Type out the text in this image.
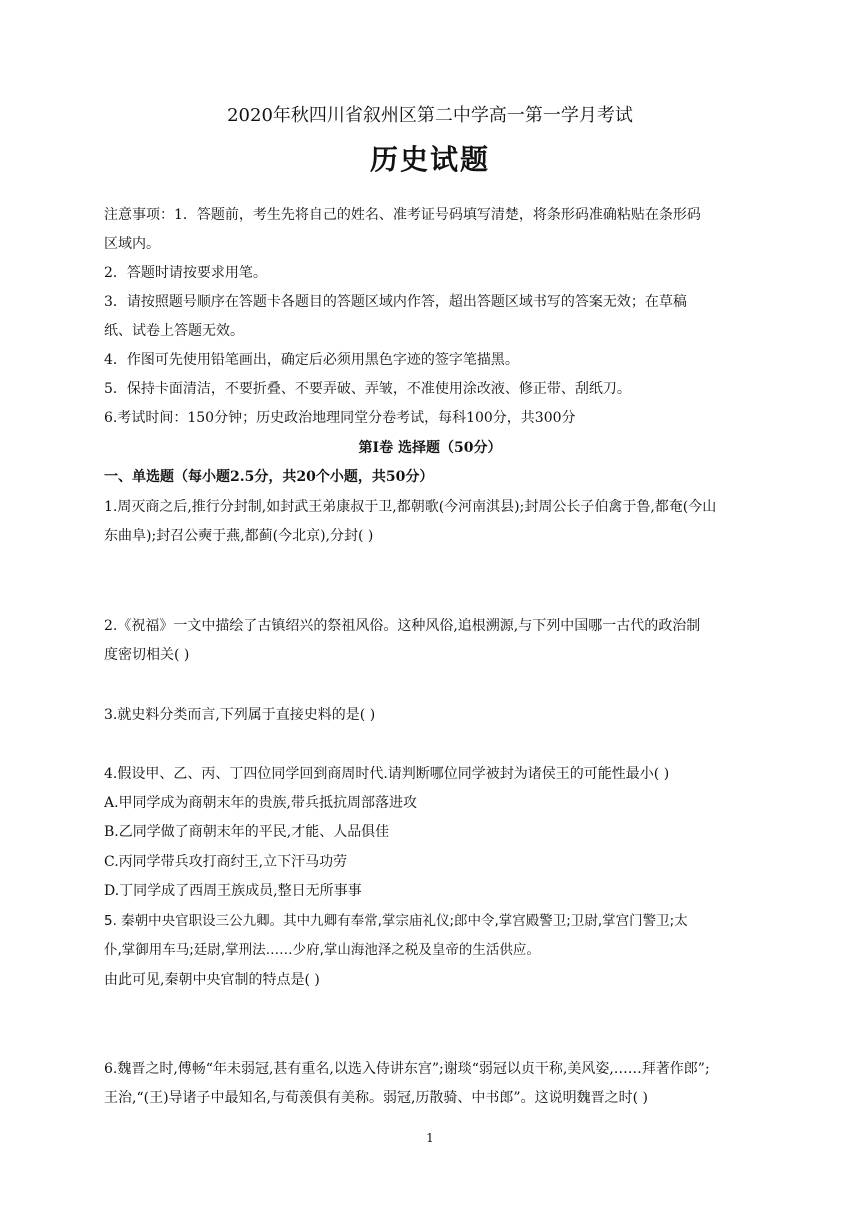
2020年秋四川省叙州区第二中学高一第一学月考试
历史试题
注意事项：1．答题前，考生先将自己的姓名、准考证号码填写清楚，将条形码准确粘贴在条形码
区域内。
2．答题时请按要求用笔。
3．请按照题号顺序在答题卡各题目的答题区域内作答，超出答题区域书写的答案无效；在草稿
纸、试卷上答题无效。
4．作图可先使用铅笔画出，确定后必须用黑色字迹的签字笔描黑。
5．保持卡面清洁，不要折叠、不要弄破、弄皱，不准使用涂改液、修正带、刮纸刀。
6.考试时间：150分钟；历史政治地理同堂分卷考试，每科100分，共300分
第Ⅰ卷 选择题（50分）
一、单选题（每小题2.5分，共20个小题，共50分）
1.周灭商之后,推行分封制,如封武王弟康叔于卫,都朝歌(今河南淇县);封周公长子伯禽于鲁,都奄(今山
东曲阜);封召公奭于燕,都蓟(今北京),分封( )
2.《祝福》一文中描绘了古镇绍兴的祭祖风俗。这种风俗,追根溯源,与下列中国哪一古代的政治制
度密切相关( )
3.就史料分类而言,下列属于直接史料的是( )
4.假设甲、乙、丙、丁四位同学回到商周时代.请判断哪位同学被封为诸侯王的可能性最小( )
A.甲同学成为商朝末年的贵族,带兵抵抗周部落进攻
B.乙同学做了商朝末年的平民,才能、人品俱佳
C.丙同学带兵攻打商纣王,立下汗马功劳
D.丁同学成了西周王族成员,整日无所事事
5. 秦朝中央官职设三公九卿。其中九卿有奉常,掌宗庙礼仪;郎中令,掌宫殿警卫;卫尉,掌宫门警卫;太
仆,掌御用车马;廷尉,掌刑法……少府,掌山海池泽之税及皇帝的生活供应。
由此可见,秦朝中央官制的特点是( )
6.魏晋之时,傅畅“年未弱冠,甚有重名,以选入侍讲东宫”;谢琰“弱冠以贞干称,美风姿,……拜著作郎”;
王治,“(王)导诸子中最知名,与荀羡俱有美称。弱冠,历散骑、中书郎”。这说明魏晋之时( )
1
